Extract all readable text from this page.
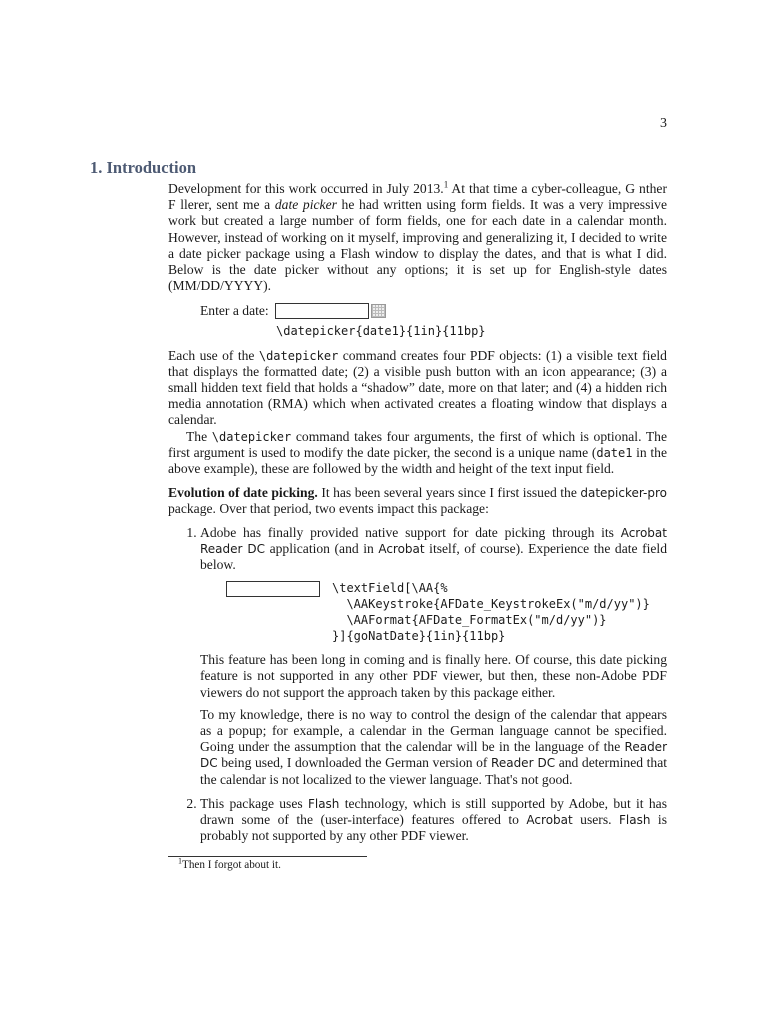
3
1. Introduction

Development for this work occurred in July 2013.$^1$ At that time a cyber-colleague, G nther F llerer, sent me a date picker he had written using form fields. It was a very impressive work but created a large number of form fields, one for each date in a calendar month. However, instead of working on it myself, improving and generalizing it, I decided to write a date picker package using a Flash window to display the dates, and that is what I did. Below is the date picker without any options; it is set up for English-style dates (MM/DD/YYYY).

Enter a date:
\datepicker{date1}{1in}{11bp}

Each use of the \datepicker command creates four PDF objects: (1) a visible text field that displays the formatted date; (2) a visible push button with an icon appearance; (3) a small hidden text field that holds a “shadow” date, more on that later; and (4) a hidden rich media annotation (RMA) which when activated creates a floating window that displays a calendar.

The \datepicker command takes four arguments, the first of which is optional. The first argument is used to modify the date picker, the second is a unique name (date1 in the above example), these are followed by the width and height of the text input field.

Evolution of date picking. It has been several years since I first issued the datepicker-pro package. Over that period, two events impact this package:

1. Adobe has finally provided native support for date picking through its Acrobat Reader DC application (and in Acrobat itself, of course). Experience the date field below.

\textField[\AA{%
\AAKeystroke{AFDate_KeystrokeEx("m/d/yy")}
\AAFormat{AFDate_FormatEx("m/d/yy")}
}]{goNatDate}{1in}{11bp}

This feature has been long in coming and is finally here. Of course, this date picking feature is not supported in any other PDF viewer, but then, these non-Adobe PDF viewers do not support the approach taken by this package either.

To my knowledge, there is no way to control the design of the calendar that appears as a popup; for example, a calendar in the German language cannot be specified. Going under the assumption that the calendar will be in the language of the Reader DC being used, I downloaded the German version of Reader DC and determined that the calendar is not localized to the viewer language. That's not good.

2. This package uses Flash technology, which is still supported by Adobe, but it has drawn some of the (user-interface) features offered to Acrobat users. Flash is probably not supported by any other PDF viewer.

$^1$Then I forgot about it.
